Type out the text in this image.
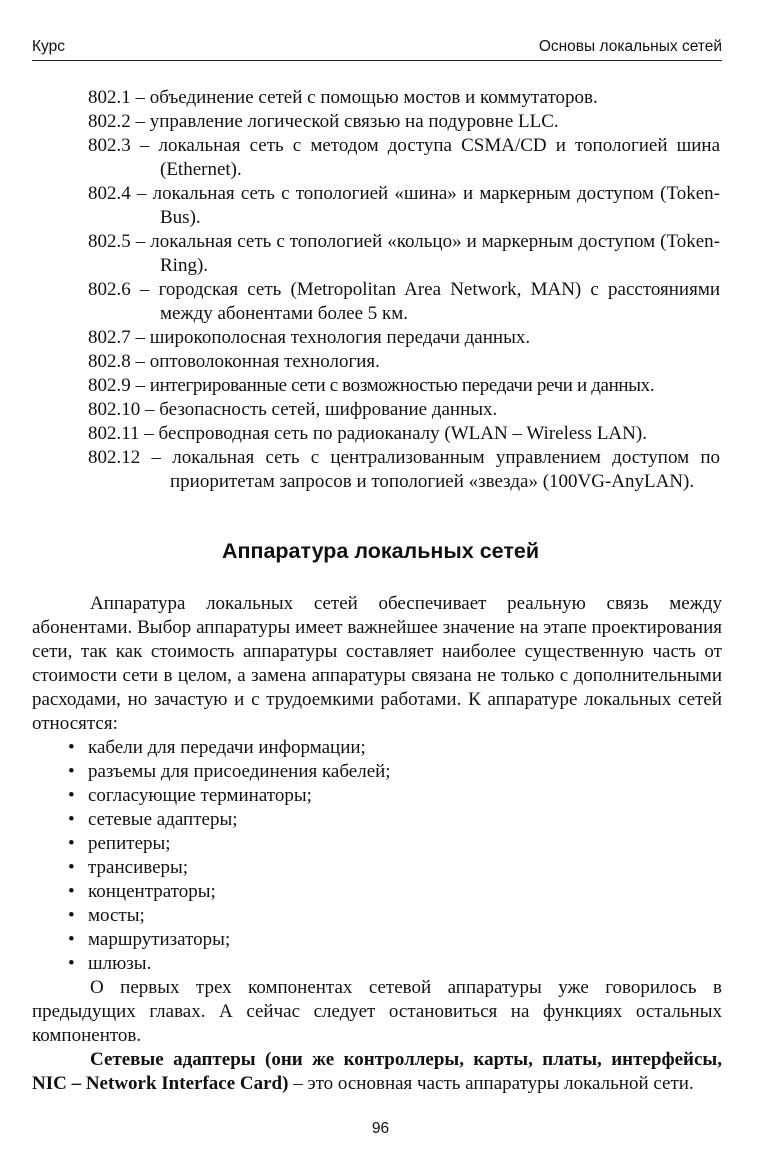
Курс	Основы локальных сетей
802.1 – объединение сетей с помощью мостов и коммутаторов.
802.2 – управление логической связью на подуровне LLC.
802.3 – локальная сеть с методом доступа CSMA/CD и топологией шина (Ethernet).
802.4 – локальная сеть с топологией «шина» и маркерным доступом (Token-Bus).
802.5 – локальная сеть с топологией «кольцо» и маркерным доступом (Token-Ring).
802.6 – городская сеть (Metropolitan Area Network, MAN) с расстояниями между абонентами более 5 км.
802.7 – широкополосная технология передачи данных.
802.8 – оптоволоконная технология.
802.9 – интегрированные сети с возможностью передачи речи и данных.
802.10 – безопасность сетей, шифрование данных.
802.11 – беспроводная сеть по радиоканалу (WLAN – Wireless LAN).
802.12 – локальная сеть с централизованным управлением доступом по приоритетам запросов и топологией «звезда» (100VG-AnyLAN).
Аппаратура локальных сетей

Аппаратура локальных сетей обеспечивает реальную связь между абонентами. Выбор аппаратуры имеет важнейшее значение на этапе проектирования сети, так как стоимость аппаратуры составляет наиболее существенную часть от стоимости сети в целом, а замена аппаратуры связана не только с дополнительными расходами, но зачастую и с трудоемкими работами. К аппаратуре локальных сетей относятся:

• кабели для передачи информации;
• разъемы для присоединения кабелей;
• согласующие терминаторы;
• сетевые адаптеры;
• репитеры;
• трансиверы;
• концентраторы;
• мосты;
• маршрутизаторы;
• шлюзы.

О первых трех компонентах сетевой аппаратуры уже говорилось в предыдущих главах. А сейчас следует остановиться на функциях остальных компонентов.

Сетевые адаптеры (они же контроллеры, карты, платы, интерфейсы, NIC – Network Interface Card) – это основная часть аппаратуры локальной сети.

96
